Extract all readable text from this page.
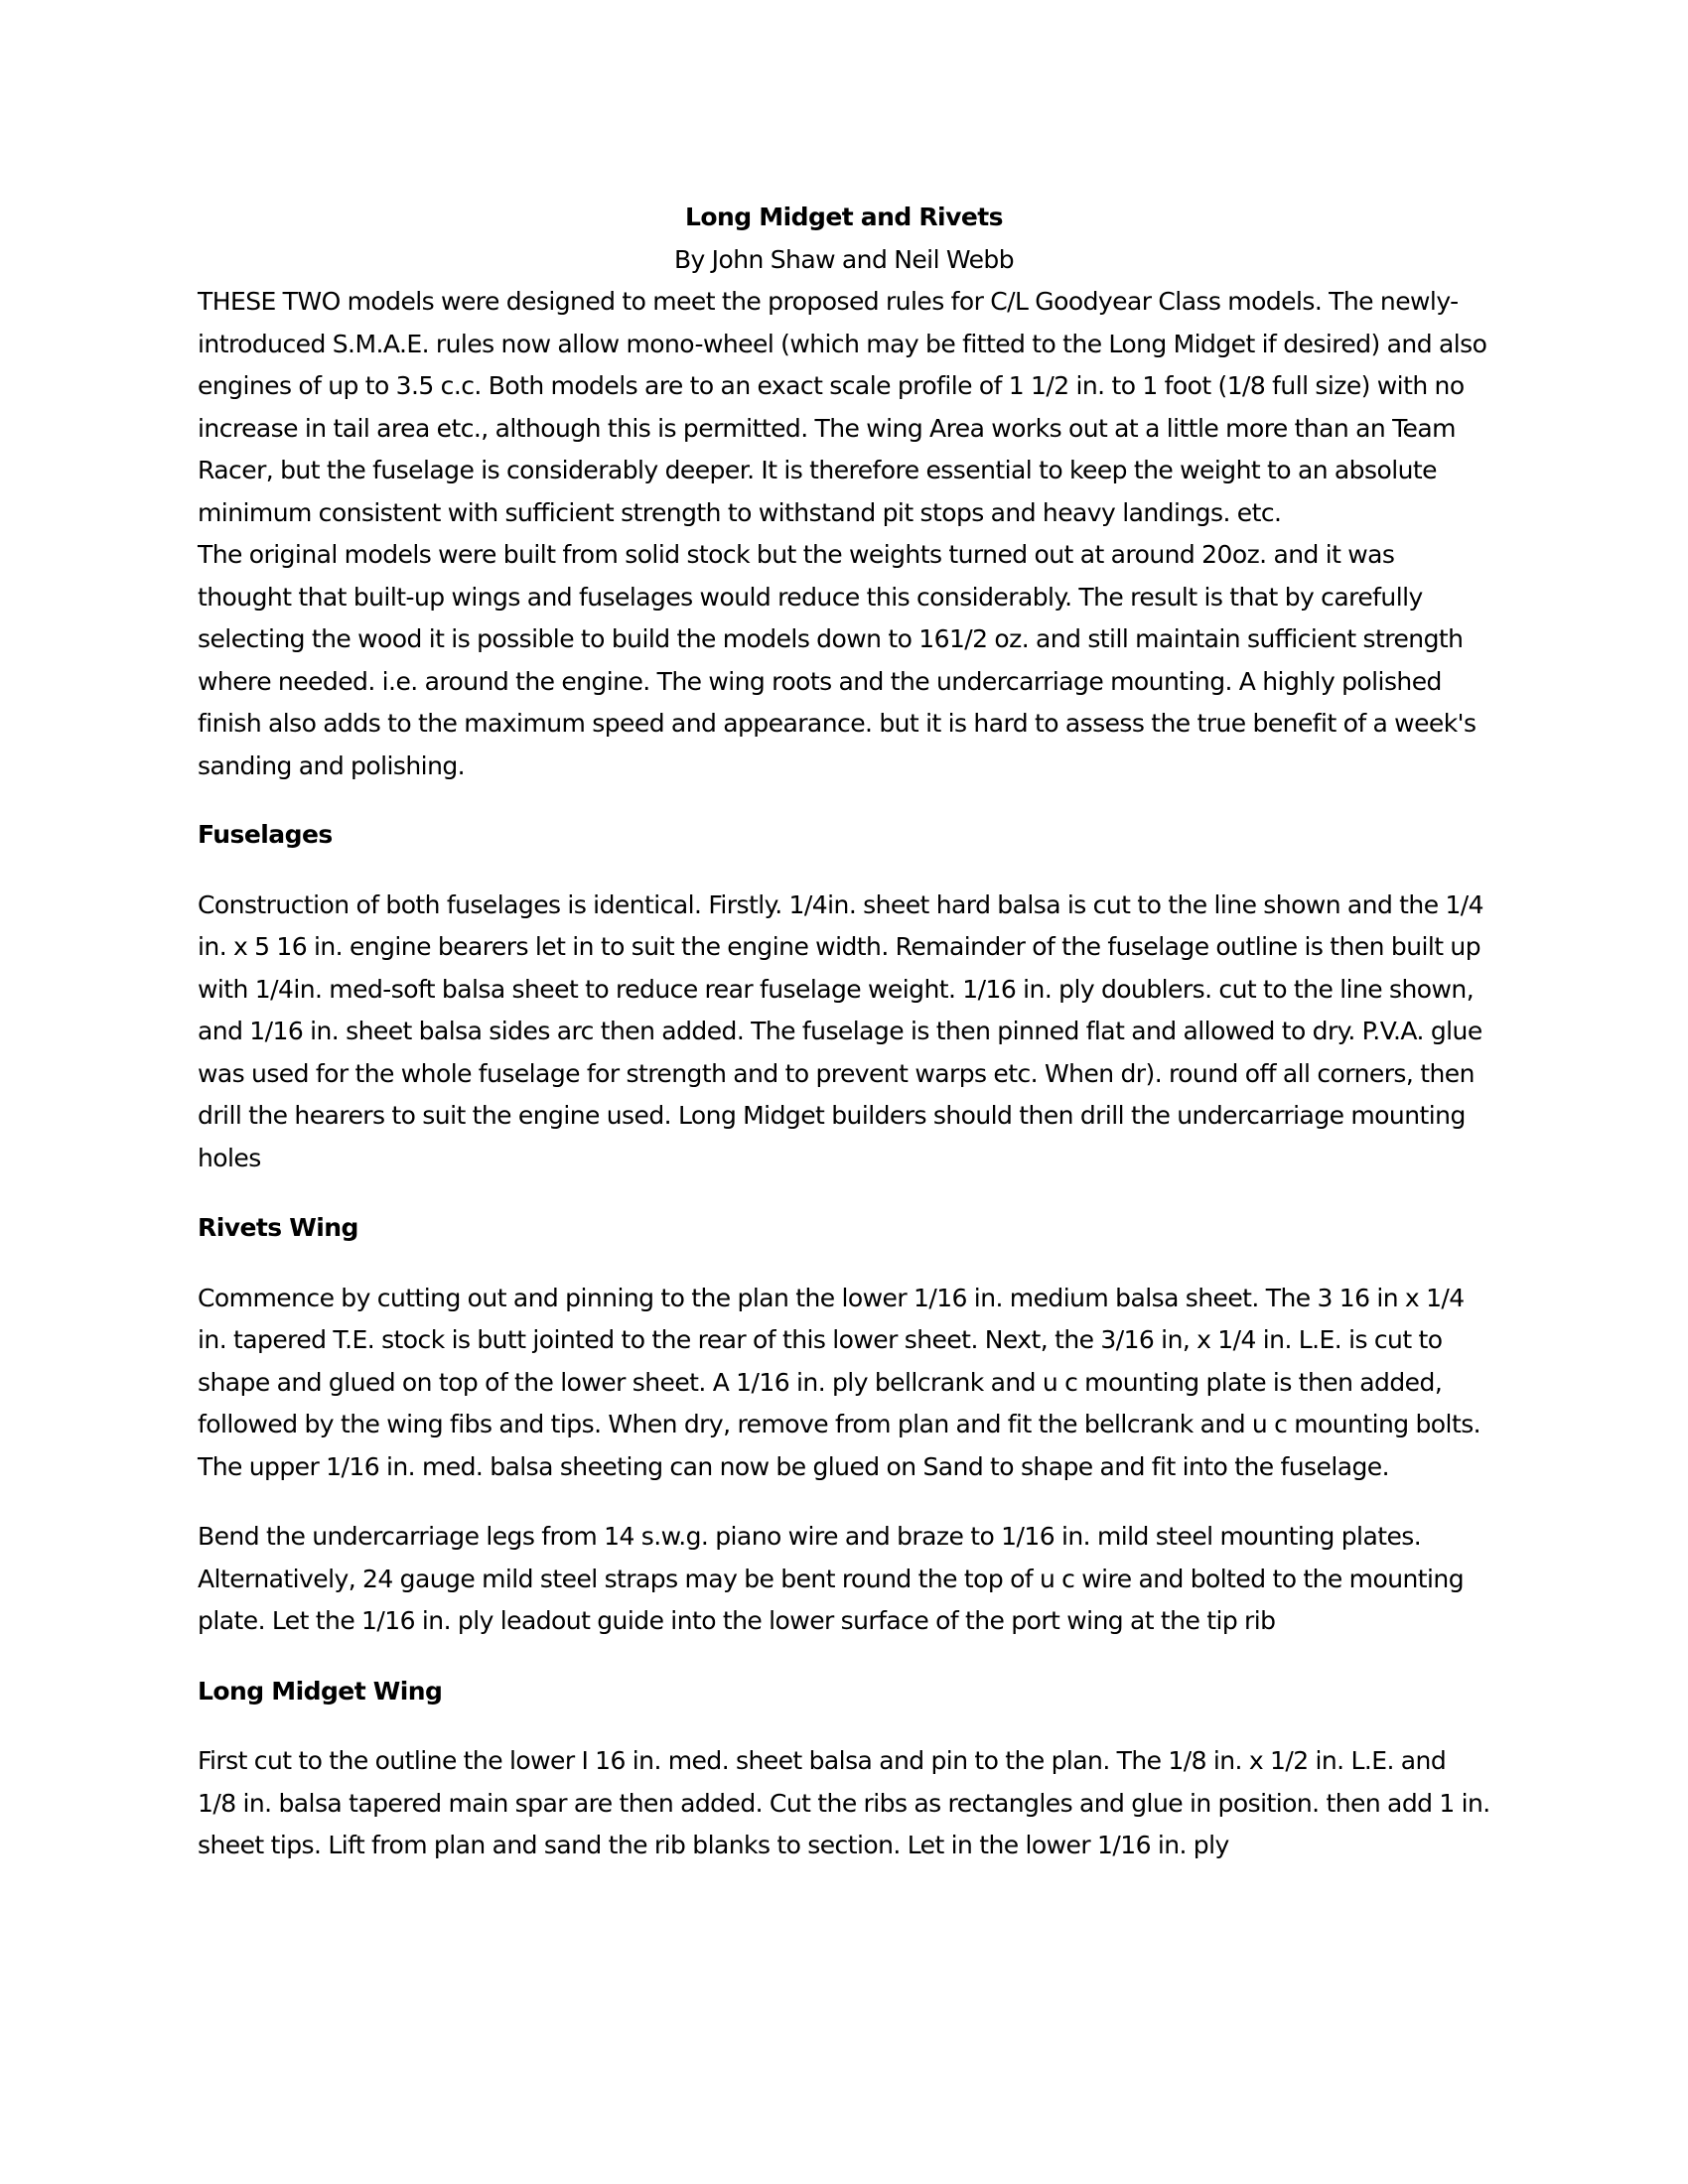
Long Midget and Rivets

By John Shaw and Neil Webb

THESE TWO models were designed to meet the proposed rules for C/L Goodyear Class models. The newly-introduced S.M.A.E. rules now allow mono-wheel (which may be fitted to the Long Midget if desired) and also engines of up to 3.5 c.c. Both models are to an exact scale profile of 1 1/2 in. to 1 foot (1/8 full size) with no increase in tail area etc., although this is permitted. The wing Area works out at a little more than an Team Racer, but the fuselage is considerably deeper. It is therefore essential to keep the weight to an absolute minimum consistent with sufficient strength to withstand pit stops and heavy landings. etc.

The original models were built from solid stock but the weights turned out at around 20oz. and it was thought that built-up wings and fuselages would reduce this considerably. The result is that by carefully selecting the wood it is possible to build the models down to 161/2 oz. and still maintain sufficient strength where needed. i.e. around the engine. The wing roots and the undercarriage mounting. A highly polished finish also adds to the maximum speed and appearance. but it is hard to assess the true benefit of a week's sanding and polishing.

Fuselages

Construction of both fuselages is identical. Firstly. 1/4in. sheet hard balsa is cut to the line shown and the 1/4 in. x 5 16 in. engine bearers let in to suit the engine width. Remainder of the fuselage outline is then built up with 1/4in. med-soft balsa sheet to reduce rear fuselage weight. 1/16 in. ply doublers. cut to the line shown, and 1/16 in. sheet balsa sides arc then added. The fuselage is then pinned flat and allowed to dry. P.V.A. glue was used for the whole fuselage for strength and to prevent warps etc. When dr). round off all corners, then drill the hearers to suit the engine used. Long Midget builders should then drill the undercarriage mounting holes

Rivets Wing

Commence by cutting out and pinning to the plan the lower 1/16 in. medium balsa sheet. The 3 16 in x 1/4 in. tapered T.E. stock is butt jointed to the rear of this lower sheet. Next, the 3/16 in, x 1/4 in. L.E. is cut to shape and glued on top of the lower sheet. A 1/16 in. ply bellcrank and u c mounting plate is then added, followed by the wing fibs and tips. When dry, remove from plan and fit the bellcrank and u c mounting bolts. The upper 1/16 in. med. balsa sheeting can now be glued on Sand to shape and fit into the fuselage.

Bend the undercarriage legs from 14 s.w.g. piano wire and braze to 1/16 in. mild steel mounting plates. Alternatively, 24 gauge mild steel straps may be bent round the top of u c wire and bolted to the mounting plate. Let the 1/16 in. ply leadout guide into the lower surface of the port wing at the tip rib

Long Midget Wing

First cut to the outline the lower I 16 in. med. sheet balsa and pin to the plan. The 1/8 in. x 1/2 in. L.E. and 1/8 in. balsa tapered main spar are then added. Cut the ribs as rectangles and glue in position. then add 1 in. sheet tips. Lift from plan and sand the rib blanks to section. Let in the lower 1/16 in. ply
